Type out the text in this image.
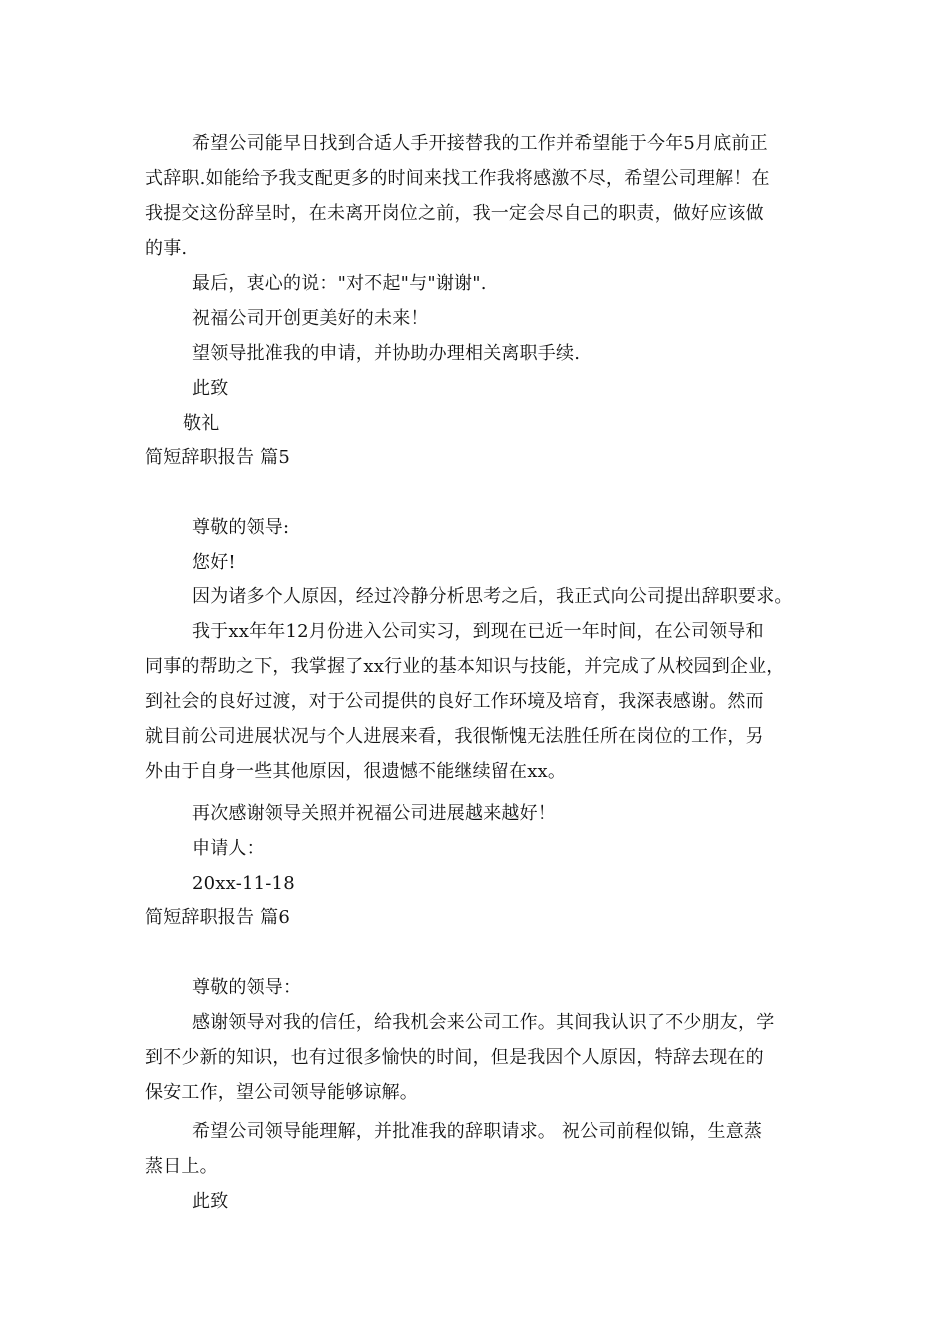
希望公司能早日找到合适人手开接替我的工作并希望能于今年5月底前正
式辞职.如能给予我支配更多的时间来找工作我将感激不尽，希望公司理解！在
我提交这份辞呈时，在未离开岗位之前，我一定会尽自己的职责，做好应该做
的事.
最后，衷心的说："对不起"与"谢谢".
祝福公司开创更美好的未来！
望领导批准我的申请，并协助办理相关离职手续.
此致
敬礼
简短辞职报告 篇5
尊敬的领导:
您好!
因为诸多个人原因，经过冷静分析思考之后，我正式向公司提出辞职要求。
我于xx年年12月份进入公司实习，到现在已近一年时间，在公司领导和
同事的帮助之下，我掌握了xx行业的基本知识与技能，并完成了从校园到企业，
到社会的良好过渡，对于公司提供的良好工作环境及培育，我深表感谢。然而
就目前公司进展状况与个人进展来看，我很惭愧无法胜任所在岗位的工作，另
外由于自身一些其他原因，很遗憾不能继续留在xx。
再次感谢领导关照并祝福公司进展越来越好！
申请人：
20xx-11-18
简短辞职报告 篇6
尊敬的领导：
感谢领导对我的信任，给我机会来公司工作。其间我认识了不少朋友，学
到不少新的知识，也有过很多愉快的时间，但是我因个人原因，特辞去现在的
保安工作，望公司领导能够谅解。
希望公司领导能理解，并批准我的辞职请求。 祝公司前程似锦，生意蒸
蒸日上。
此致
